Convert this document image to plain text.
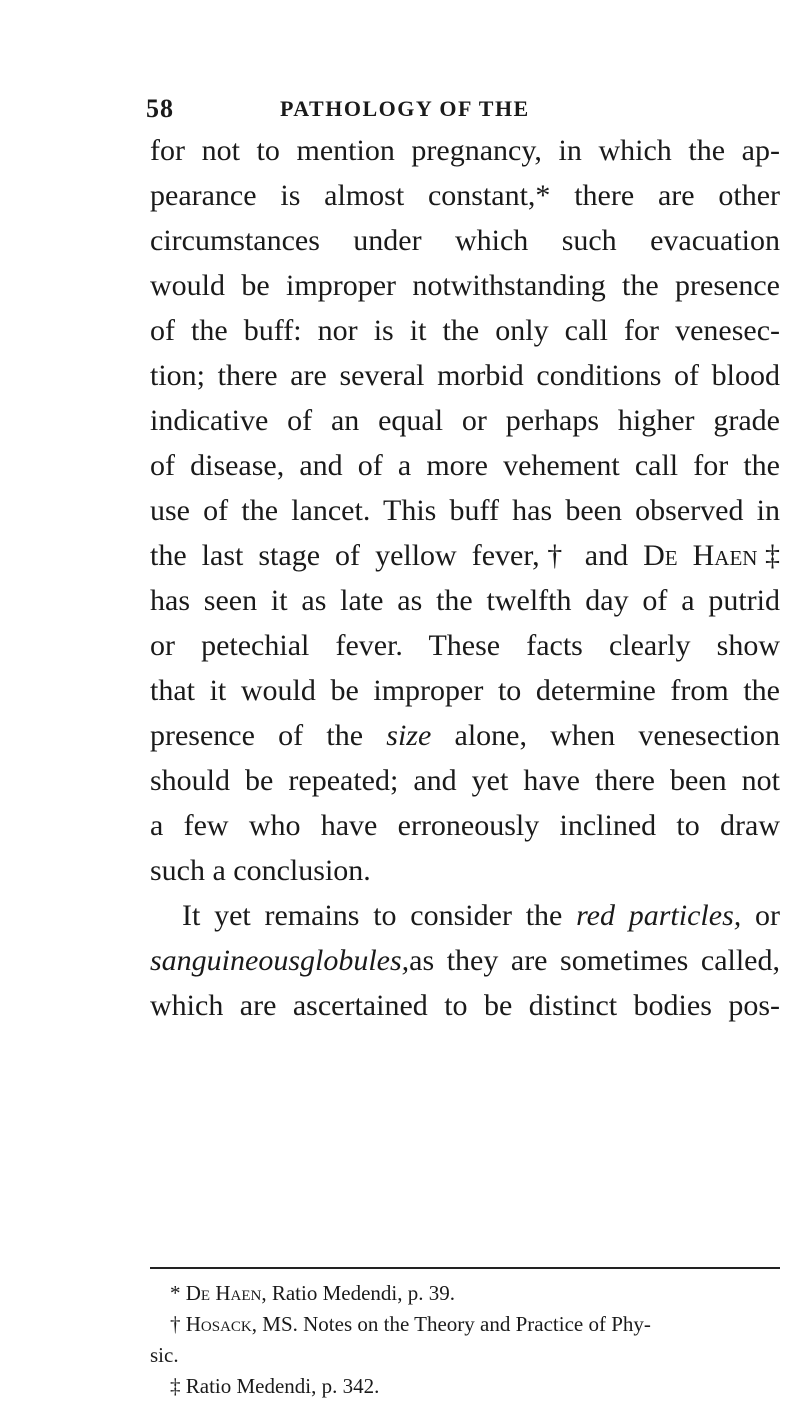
58	PATHOLOGY OF THE
for not to mention pregnancy, in which the ap-
pearance is almost constant,* there are other
circumstances under which such evacuation
would be improper notwithstanding the presence
of the buff: nor is it the only call for venesec-
tion; there are several morbid conditions of blood
indicative of an equal or perhaps higher grade
of disease, and of a more vehement call for the
use of the lancet. This buff has been observed in
the last stage of yellow fever,† and De Haen‡
has seen it as late as the twelfth day of a putrid
or petechial fever. These facts clearly show
that it would be improper to determine from the
presence of the size alone, when venesection
should be repeated; and yet have there been not
a few who have erroneously inclined to draw
such a conclusion.
It yet remains to consider the red particles, or
sanguineousglobules,as they are sometimes called,
which are ascertained to be distinct bodies pos-
* De Haen, Ratio Medendi, p. 39.
† Hosack, MS. Notes on the Theory and Practice of Phy-
sic.
‡ Ratio Medendi, p. 342.
